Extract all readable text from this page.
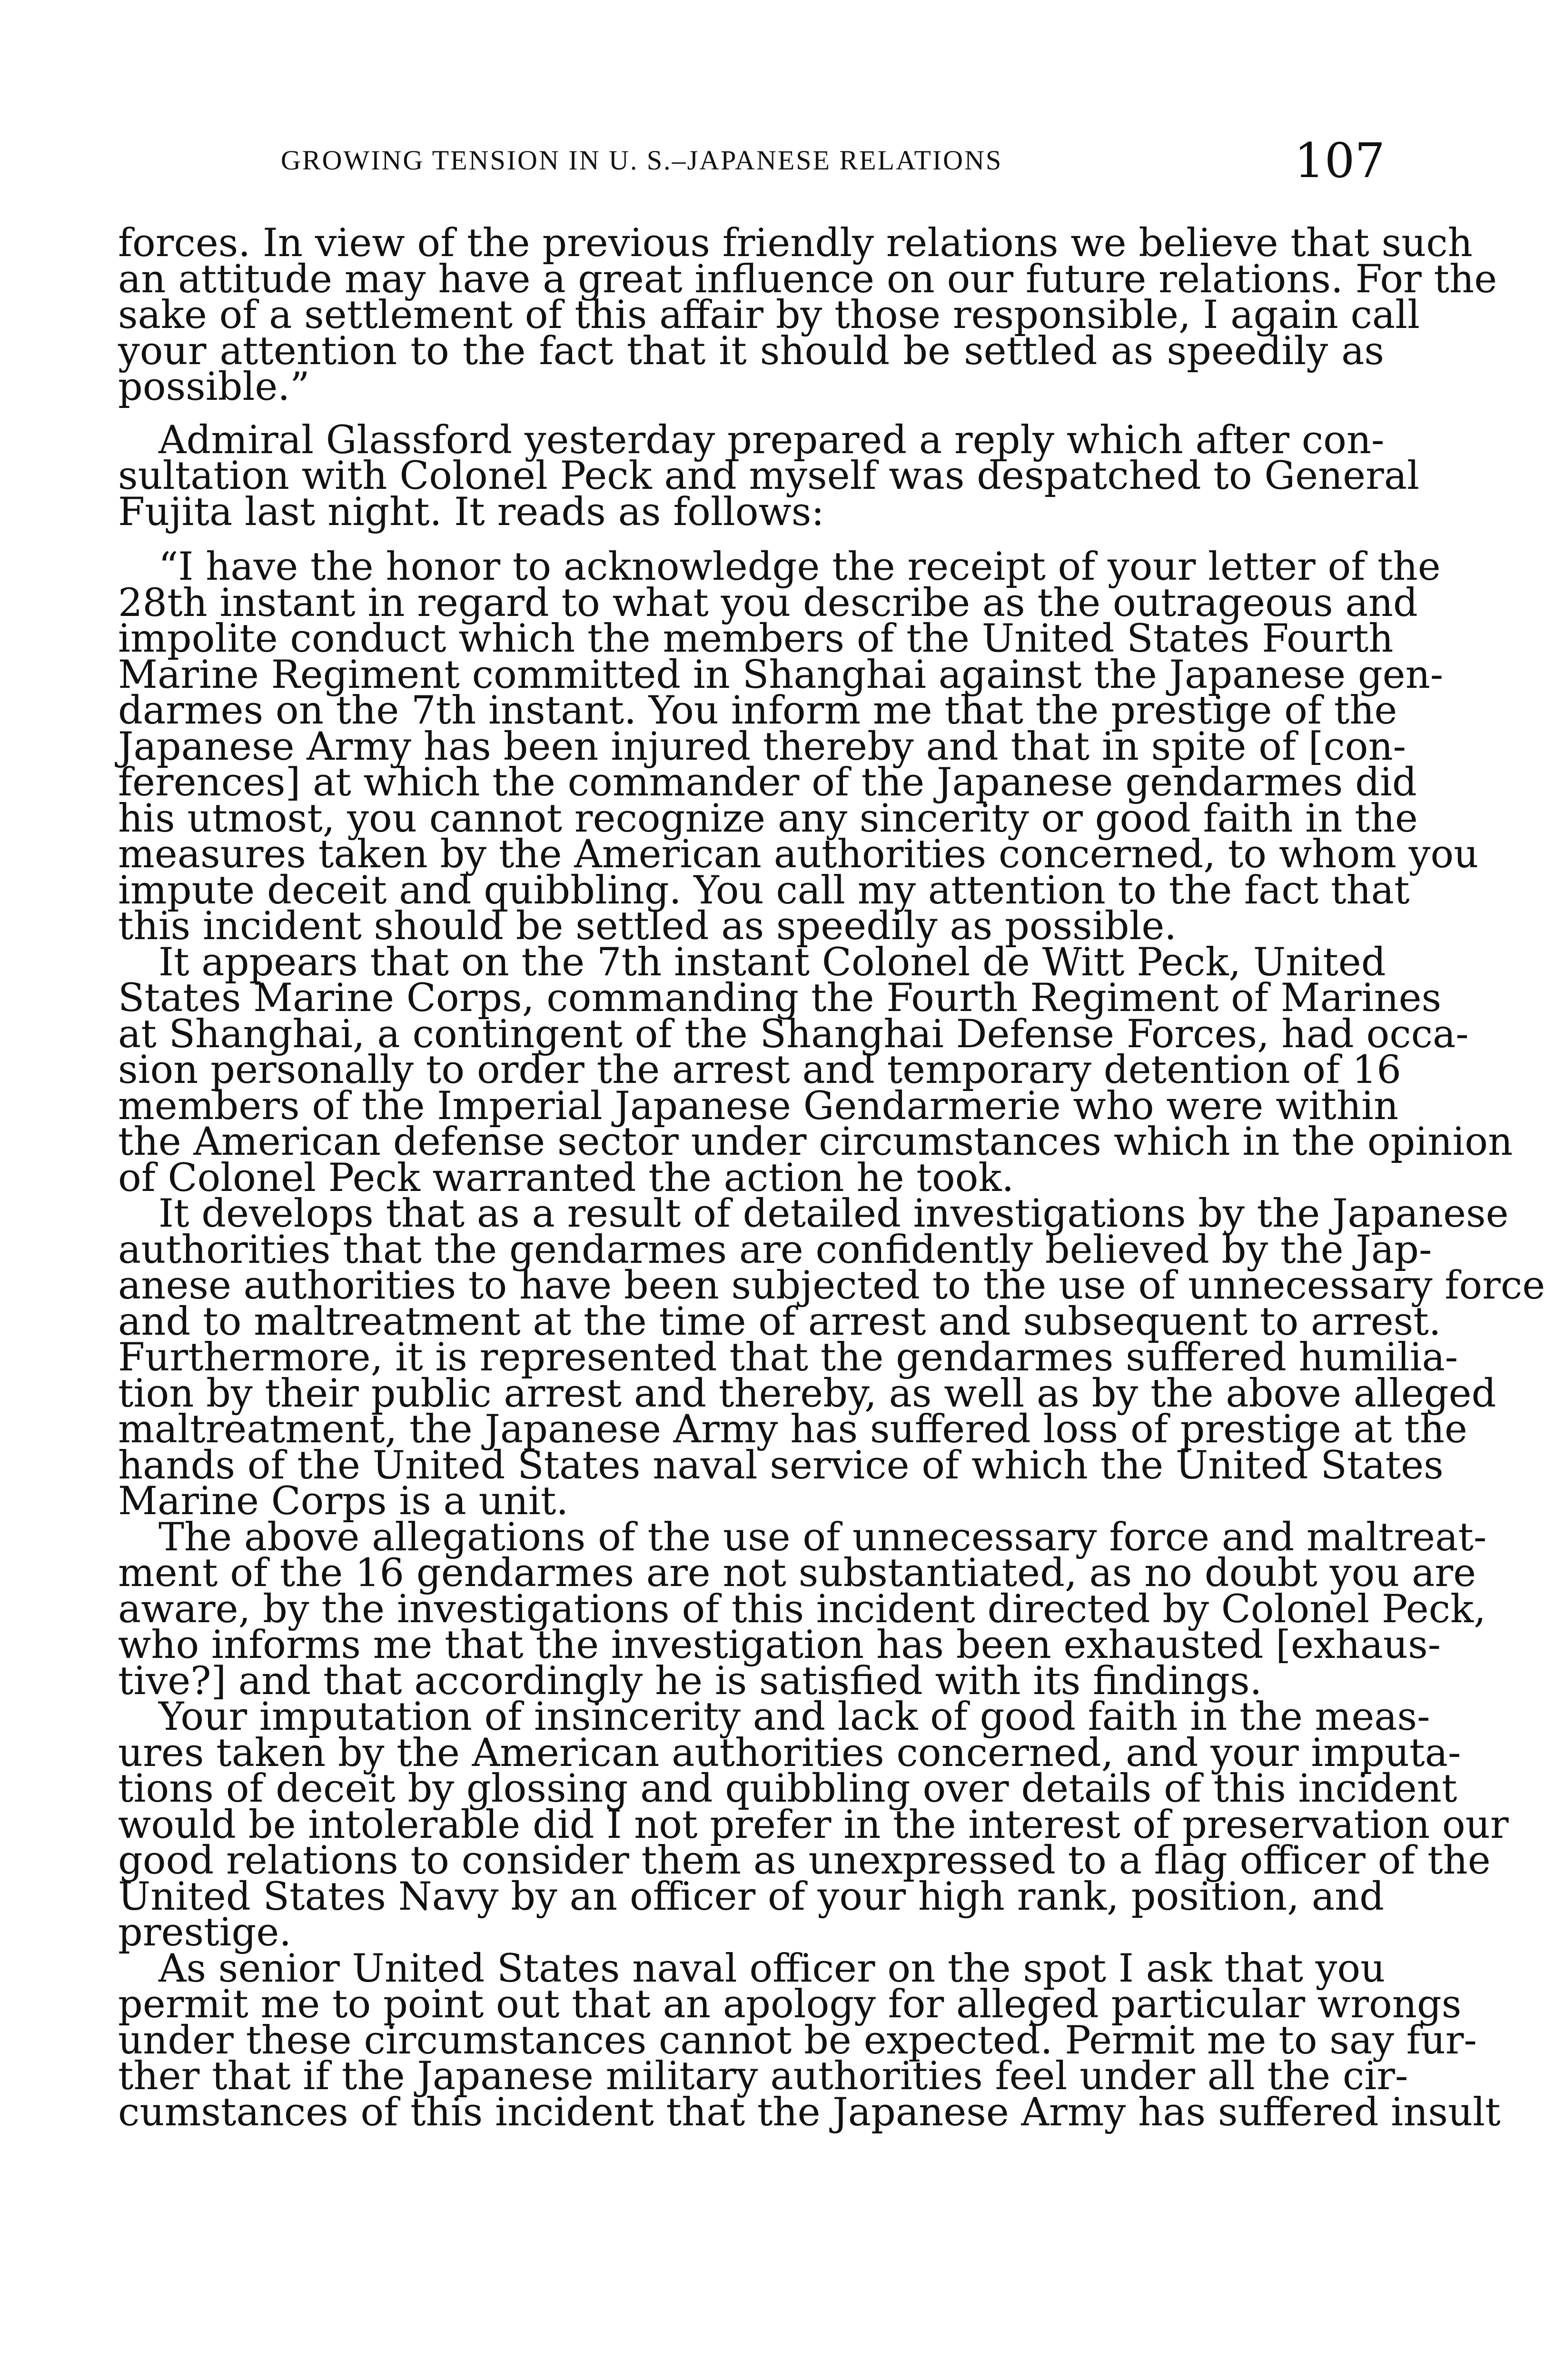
GROWING TENSION IN U. S.–JAPANESE RELATIONS	107
forces. In view of the previous friendly relations we believe that such
an attitude may have a great influence on our future relations. For the
sake of a settlement of this affair by those responsible, I again call
your attention to the fact that it should be settled as speedily as
possible.”
Admiral Glassford yesterday prepared a reply which after con-
sultation with Colonel Peck and myself was despatched to General
Fujita last night. It reads as follows:
“I have the honor to acknowledge the receipt of your letter of the
28th instant in regard to what you describe as the outrageous and
impolite conduct which the members of the United States Fourth
Marine Regiment committed in Shanghai against the Japanese gen-
darmes on the 7th instant. You inform me that the prestige of the
Japanese Army has been injured thereby and that in spite of [con-
ferences] at which the commander of the Japanese gendarmes did
his utmost, you cannot recognize any sincerity or good faith in the
measures taken by the American authorities concerned, to whom you
impute deceit and quibbling. You call my attention to the fact that
this incident should be settled as speedily as possible.
It appears that on the 7th instant Colonel de Witt Peck, United
States Marine Corps, commanding the Fourth Regiment of Marines
at Shanghai, a contingent of the Shanghai Defense Forces, had occa-
sion personally to order the arrest and temporary detention of 16
members of the Imperial Japanese Gendarmerie who were within
the American defense sector under circumstances which in the opinion
of Colonel Peck warranted the action he took.
It develops that as a result of detailed investigations by the Japanese
authorities that the gendarmes are confidently believed by the Jap-
anese authorities to have been subjected to the use of unnecessary force
and to maltreatment at the time of arrest and subsequent to arrest.
Furthermore, it is represented that the gendarmes suffered humilia-
tion by their public arrest and thereby, as well as by the above alleged
maltreatment, the Japanese Army has suffered loss of prestige at the
hands of the United States naval service of which the United States
Marine Corps is a unit.
The above allegations of the use of unnecessary force and maltreat-
ment of the 16 gendarmes are not substantiated, as no doubt you are
aware, by the investigations of this incident directed by Colonel Peck,
who informs me that the investigation has been exhausted [exhaus-
tive?] and that accordingly he is satisfied with its findings.
Your imputation of insincerity and lack of good faith in the meas-
ures taken by the American authorities concerned, and your imputa-
tions of deceit by glossing and quibbling over details of this incident
would be intolerable did I not prefer in the interest of preservation our
good relations to consider them as unexpressed to a flag officer of the
United States Navy by an officer of your high rank, position, and
prestige.
As senior United States naval officer on the spot I ask that you
permit me to point out that an apology for alleged particular wrongs
under these circumstances cannot be expected. Permit me to say fur-
ther that if the Japanese military authorities feel under all the cir-
cumstances of this incident that the Japanese Army has suffered insult
